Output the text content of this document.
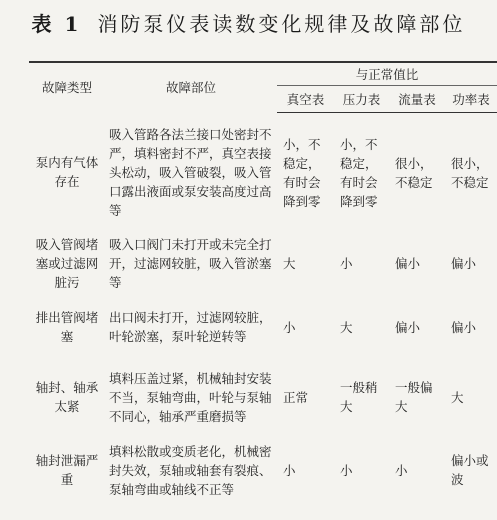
表 1 消防泵仪表读数变化规律及故障部位
故障类型	故障部位	与正常值比			
		真空表	压力表	流量表	功率表
泵内有气体存在	吸入管路各法兰接口处密封不严，填料密封不严，真空表接头松动，吸入管破裂，吸入管口露出液面或泵安装高度过高等	小，不稳定，有时会降到零	小，不稳定，有时会降到零	很小，不稳定	很小，不稳定
吸入管阀堵塞或过滤网脏污	吸入口阀门未打开或未完全打开，过滤网较脏，吸入管淤塞等	大	小	偏小	偏小
排出管阀堵塞	出口阀未打开，过滤网较脏，叶轮淤塞，泵叶轮逆转等	小	大	偏小	偏小
轴封、轴承太紧	填料压盖过紧，机械轴封安装不当，泵轴弯曲，叶轮与泵轴不同心，轴承严重磨损等	正常	一般稍大	一般偏大	大
轴封泄漏严重	填料松散或变质老化，机械密封失效，泵轴或轴套有裂痕、泵轴弯曲或轴线不正等	小	小	小	偏小或波
